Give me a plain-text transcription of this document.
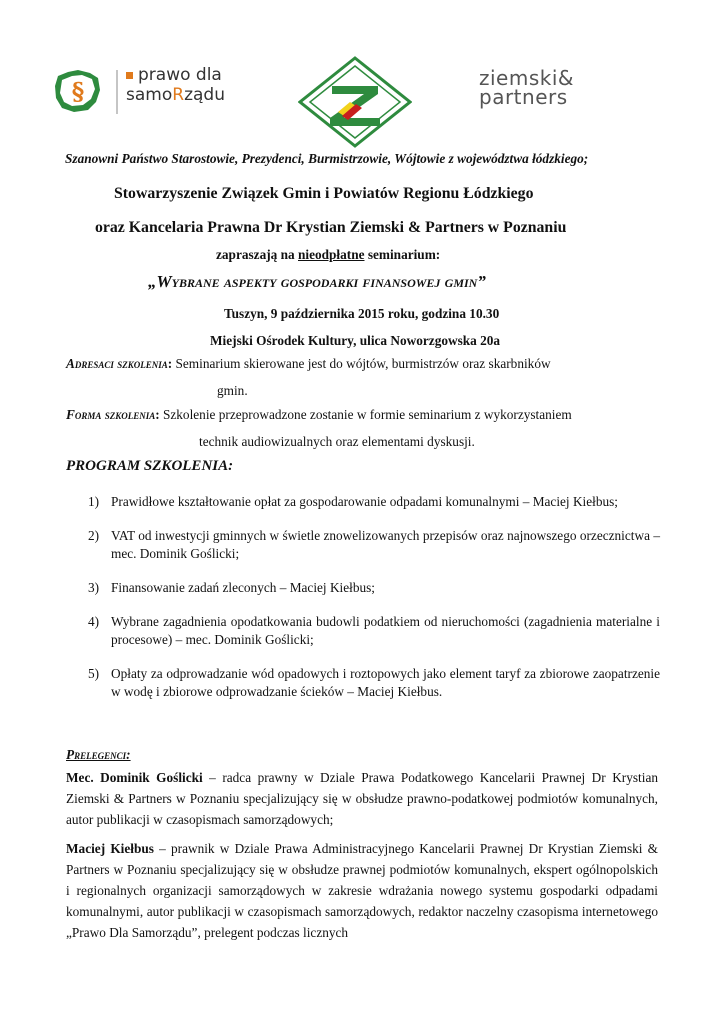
§
prawo dla
samoRządu
ziemski&
partners
Szanowni Państwo Starostowie, Prezydenci, Burmistrzowie, Wójtowie z województwa łódzkiego;
Stowarzyszenie Związek Gmin i Powiatów Regionu Łódzkiego
oraz Kancelaria Prawna Dr Krystian Ziemski & Partners w Poznaniu
zapraszają na nieodpłatne seminarium:
„Wybrane aspekty gospodarki finansowej gmin”
Tuszyn, 9 października 2015 roku, godzina 10.30
Miejski Ośrodek Kultury, ulica Noworzgowska 20a
Adresaci szkolenia: Seminarium skierowane jest do wójtów, burmistrzów oraz skarbników
gmin.
Forma szkolenia: Szkolenie przeprowadzone zostanie w formie seminarium z wykorzystaniem
technik audiowizualnych oraz elementami dyskusji.
PROGRAM SZKOLENIA:
1) Prawidłowe kształtowanie opłat za gospodarowanie odpadami komunalnymi – Maciej Kiełbus;
2) VAT od inwestycji gminnych w świetle znowelizowanych przepisów oraz najnowszego orzecznictwa – mec. Dominik Goślicki;
3) Finansowanie zadań zleconych – Maciej Kiełbus;
4) Wybrane zagadnienia opodatkowania budowli podatkiem od nieruchomości (zagadnienia materialne i procesowe) – mec. Dominik Goślicki;
5) Opłaty za odprowadzanie wód opadowych i roztopowych jako element taryf za zbiorowe zaopatrzenie w wodę i zbiorowe odprowadzanie ścieków – Maciej Kiełbus.
Prelegenci:
Mec. Dominik Goślicki – radca prawny w Dziale Prawa Podatkowego Kancelarii Prawnej Dr Krystian Ziemski & Partners w Poznaniu specjalizujący się w obsłudze prawno-podatkowej podmiotów komunalnych, autor publikacji w czasopismach samorządowych;
Maciej Kiełbus – prawnik w Dziale Prawa Administracyjnego Kancelarii Prawnej Dr Krystian Ziemski & Partners w Poznaniu specjalizujący się w obsłudze prawnej podmiotów komunalnych, ekspert ogólnopolskich i regionalnych organizacji samorządowych w zakresie wdrażania nowego systemu gospodarki odpadami komunalnymi, autor publikacji w czasopismach samorządowych, redaktor naczelny czasopisma internetowego „Prawo Dla Samorządu”, prelegent podczas licznych
